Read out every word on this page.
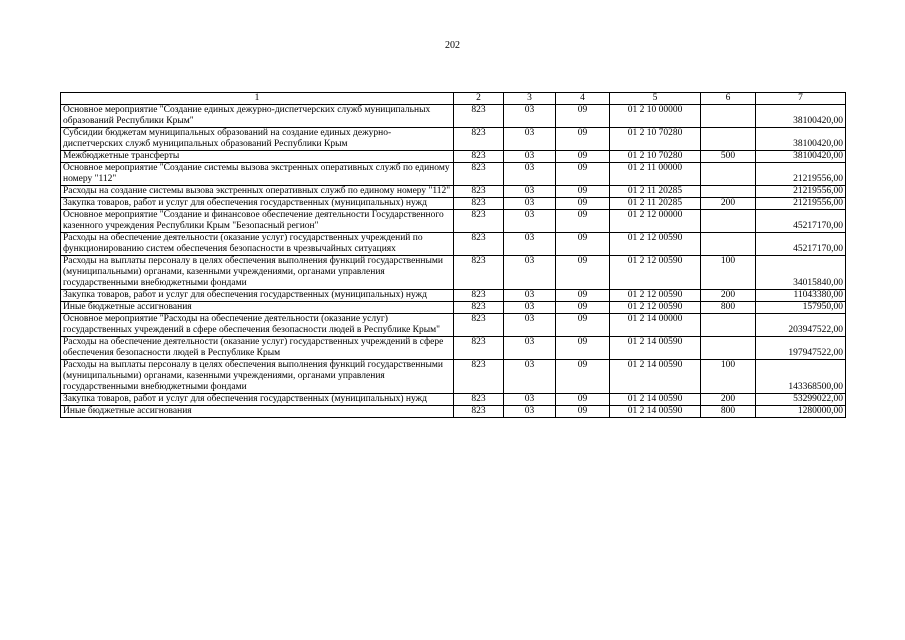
202
1	2	3	4	5	6	7
Основное мероприятие "Создание единых дежурно-диспетчерских служб муниципальных образований Республики Крым"	823	03	09	01 2 10 00000		38100420,00
Субсидии бюджетам муниципальных образований на создание единых дежурно-диспетчерских служб муниципальных образований Республики Крым	823	03	09	01 2 10 70280		38100420,00
Межбюджетные трансферты	823	03	09	01 2 10 70280	500	38100420,00
Основное мероприятие "Создание системы вызова экстренных оперативных служб по единому номеру "112"	823	03	09	01 2 11 00000		21219556,00
Расходы на создание системы вызова экстренных оперативных служб по единому номеру "112"	823	03	09	01 2 11 20285		21219556,00
Закупка товаров, работ и услуг для обеспечения государственных (муниципальных) нужд	823	03	09	01 2 11 20285	200	21219556,00
Основное мероприятие "Создание и финансовое обеспечение деятельности Государственного казенного учреждения Республики Крым "Безопасный регион"	823	03	09	01 2 12 00000		45217170,00
Расходы на обеспечение деятельности (оказание услуг) государственных учреждений по функционированию систем обеспечения безопасности в чрезвычайных ситуациях	823	03	09	01 2 12 00590		45217170,00
Расходы на выплаты персоналу в целях обеспечения выполнения функций государственными (муниципальными) органами, казенными учреждениями, органами управления государственными внебюджетными фондами	823	03	09	01 2 12 00590	100	34015840,00
Закупка товаров, работ и услуг для обеспечения государственных (муниципальных) нужд	823	03	09	01 2 12 00590	200	11043380,00
Иные бюджетные ассигнования	823	03	09	01 2 12 00590	800	157950,00
Основное мероприятие "Расходы на обеспечение деятельности (оказание услуг) государственных учреждений в сфере обеспечения безопасности людей в Республике Крым"	823	03	09	01 2 14 00000		203947522,00
Расходы на обеспечение деятельности (оказание услуг) государственных учреждений в сфере обеспечения безопасности людей в Республике Крым	823	03	09	01 2 14 00590		197947522,00
Расходы на выплаты персоналу в целях обеспечения выполнения функций государственными (муниципальными) органами, казенными учреждениями, органами управления государственными внебюджетными фондами	823	03	09	01 2 14 00590	100	143368500,00
Закупка товаров, работ и услуг для обеспечения государственных (муниципальных) нужд	823	03	09	01 2 14 00590	200	53299022,00
Иные бюджетные ассигнования	823	03	09	01 2 14 00590	800	1280000,00
